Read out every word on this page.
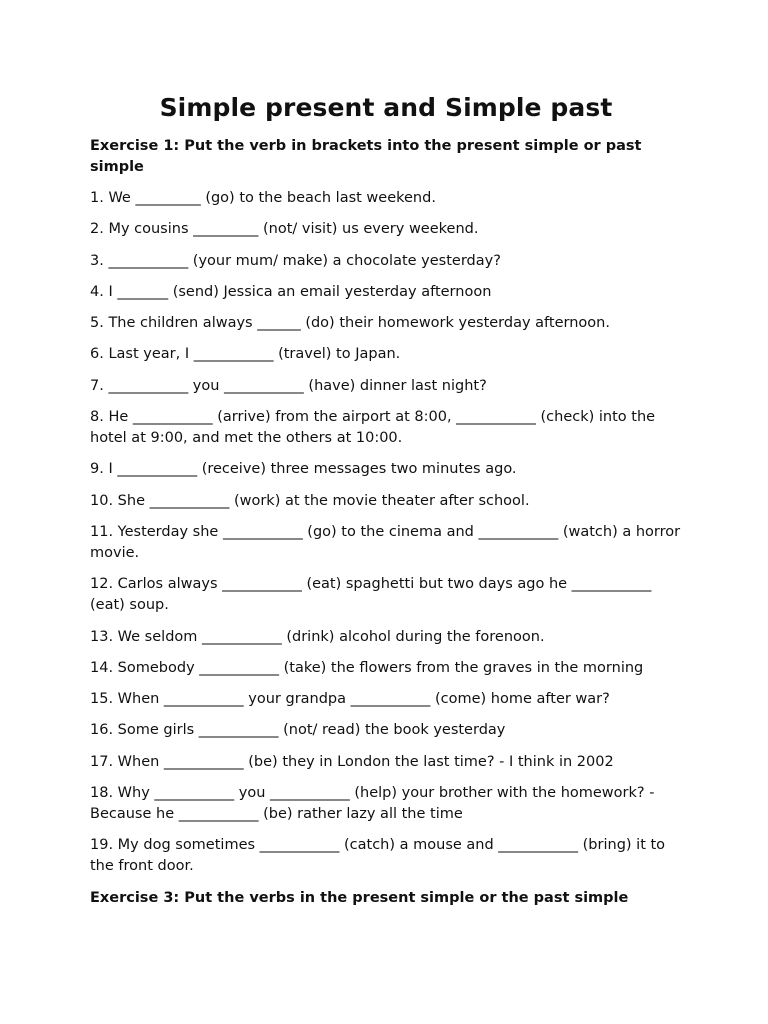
Simple present and Simple past
Exercise 1: Put the verb in brackets into the present simple or past simple
1. We _________ (go) to the beach last weekend.
2. My cousins _________ (not/ visit) us every weekend.
3. ___________ (your mum/ make) a chocolate yesterday?
4. I _______ (send) Jessica an email yesterday afternoon
5. The children always ______ (do) their homework yesterday afternoon.
6. Last year, I ___________ (travel) to Japan.
7. ___________ you ___________ (have) dinner last night?
8. He ___________ (arrive) from the airport at 8:00, ___________ (check) into the hotel at 9:00, and met the others at 10:00.
9. I ___________ (receive) three messages two minutes ago.
10. She ___________ (work) at the movie theater after school.
11. Yesterday she ___________ (go) to the cinema and ___________ (watch) a horror movie.
12. Carlos always ___________ (eat) spaghetti but two days ago he ___________ (eat) soup.
13. We seldom ___________ (drink) alcohol during the forenoon.
14. Somebody ___________ (take) the flowers from the graves in the morning
15. When ___________ your grandpa ___________ (come) home after war?
16. Some girls ___________ (not/ read) the book yesterday
17. When ___________ (be) they in London the last time? - I think in 2002
18. Why ___________ you ___________ (help) your brother with the homework? - Because he ___________ (be) rather lazy all the time
19. My dog sometimes ___________ (catch) a mouse and ___________ (bring) it to the front door.
Exercise 3: Put the verbs in the present simple or the past simple
